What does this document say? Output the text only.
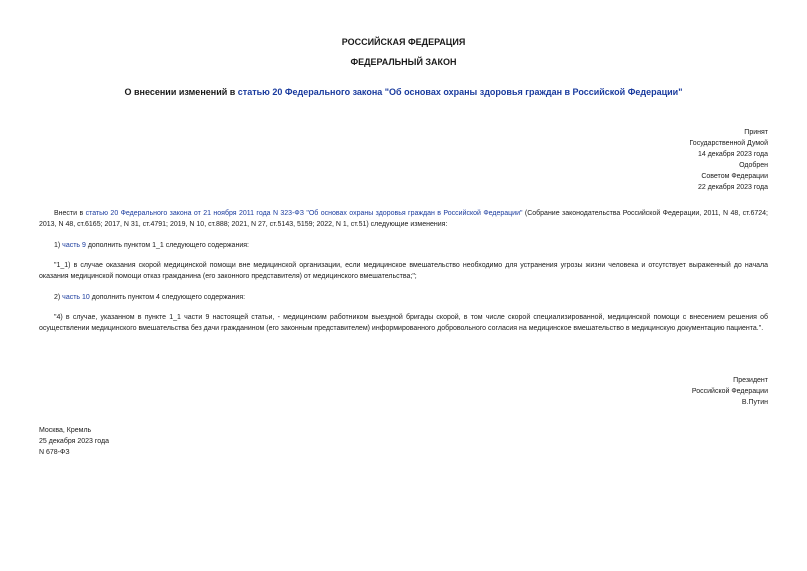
РОССИЙСКАЯ ФЕДЕРАЦИЯ
ФЕДЕРАЛЬНЫЙ ЗАКОН
О внесении изменений в статью 20 Федерального закона "Об основах охраны здоровья граждан в Российской Федерации"
Принят
Государственной Думой
14 декабря 2023 года
Одобрен
Советом Федерации
22 декабря 2023 года
Внести в статью 20 Федерального закона от 21 ноября 2011 года N 323-ФЗ "Об основах охраны здоровья граждан в Российской Федерации" (Собрание законодательства Российской Федерации, 2011, N 48, ст.6724; 2013, N 48, ст.6165; 2017, N 31, ст.4791; 2019, N 10, ст.888; 2021, N 27, ст.5143, 5159; 2022, N 1, ст.51) следующие изменения:
1) часть 9 дополнить пунктом 1_1 следующего содержания:
"1_1) в случае оказания скорой медицинской помощи вне медицинской организации, если медицинское вмешательство необходимо для устранения угрозы жизни человека и отсутствует выраженный до начала оказания медицинской помощи отказ гражданина (его законного представителя) от медицинского вмешательства;";
2) часть 10 дополнить пунктом 4 следующего содержания:
"4) в случае, указанном в пункте 1_1 части 9 настоящей статьи, - медицинским работником выездной бригады скорой, в том числе скорой специализированной, медицинской помощи с внесением решения об осуществлении медицинского вмешательства без дачи гражданином (его законным представителем) информированного добровольного согласия на медицинское вмешательство в медицинскую документацию пациента.".
Президент
Российской Федерации
В.Путин
Москва, Кремль
25 декабря 2023 года
N 678-ФЗ
